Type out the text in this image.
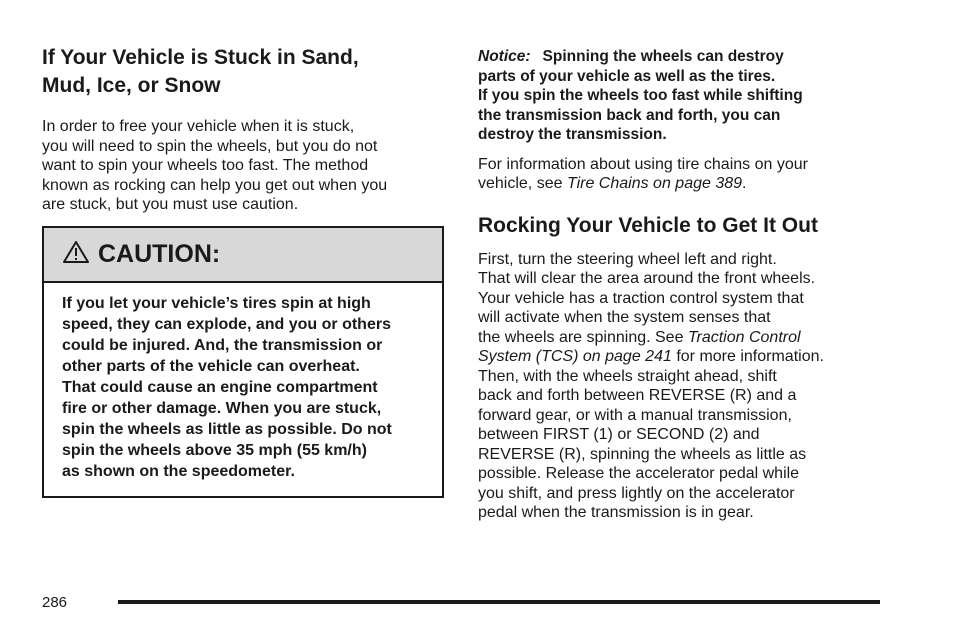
If Your Vehicle is Stuck in Sand,
Mud, Ice, or Snow

In order to free your vehicle when it is stuck,
you will need to spin the wheels, but you do not
want to spin your wheels too fast. The method
known as rocking can help you get out when you
are stuck, but you must use caution.

CAUTION:
If you let your vehicle’s tires spin at high
speed, they can explode, and you or others
could be injured. And, the transmission or
other parts of the vehicle can overheat.
That could cause an engine compartment
fire or other damage. When you are stuck,
spin the wheels as little as possible. Do not
spin the wheels above 35 mph (55 km/h)
as shown on the speedometer.

Notice: Spinning the wheels can destroy
parts of your vehicle as well as the tires.
If you spin the wheels too fast while shifting
the transmission back and forth, you can
destroy the transmission.

For information about using tire chains on your
vehicle, see Tire Chains on page 389.

Rocking Your Vehicle to Get It Out

First, turn the steering wheel left and right.
That will clear the area around the front wheels.
Your vehicle has a traction control system that
will activate when the system senses that
the wheels are spinning. See Traction Control
System (TCS) on page 241 for more information.
Then, with the wheels straight ahead, shift
back and forth between REVERSE (R) and a
forward gear, or with a manual transmission,
between FIRST (1) or SECOND (2) and
REVERSE (R), spinning the wheels as little as
possible. Release the accelerator pedal while
you shift, and press lightly on the accelerator
pedal when the transmission is in gear.

286
